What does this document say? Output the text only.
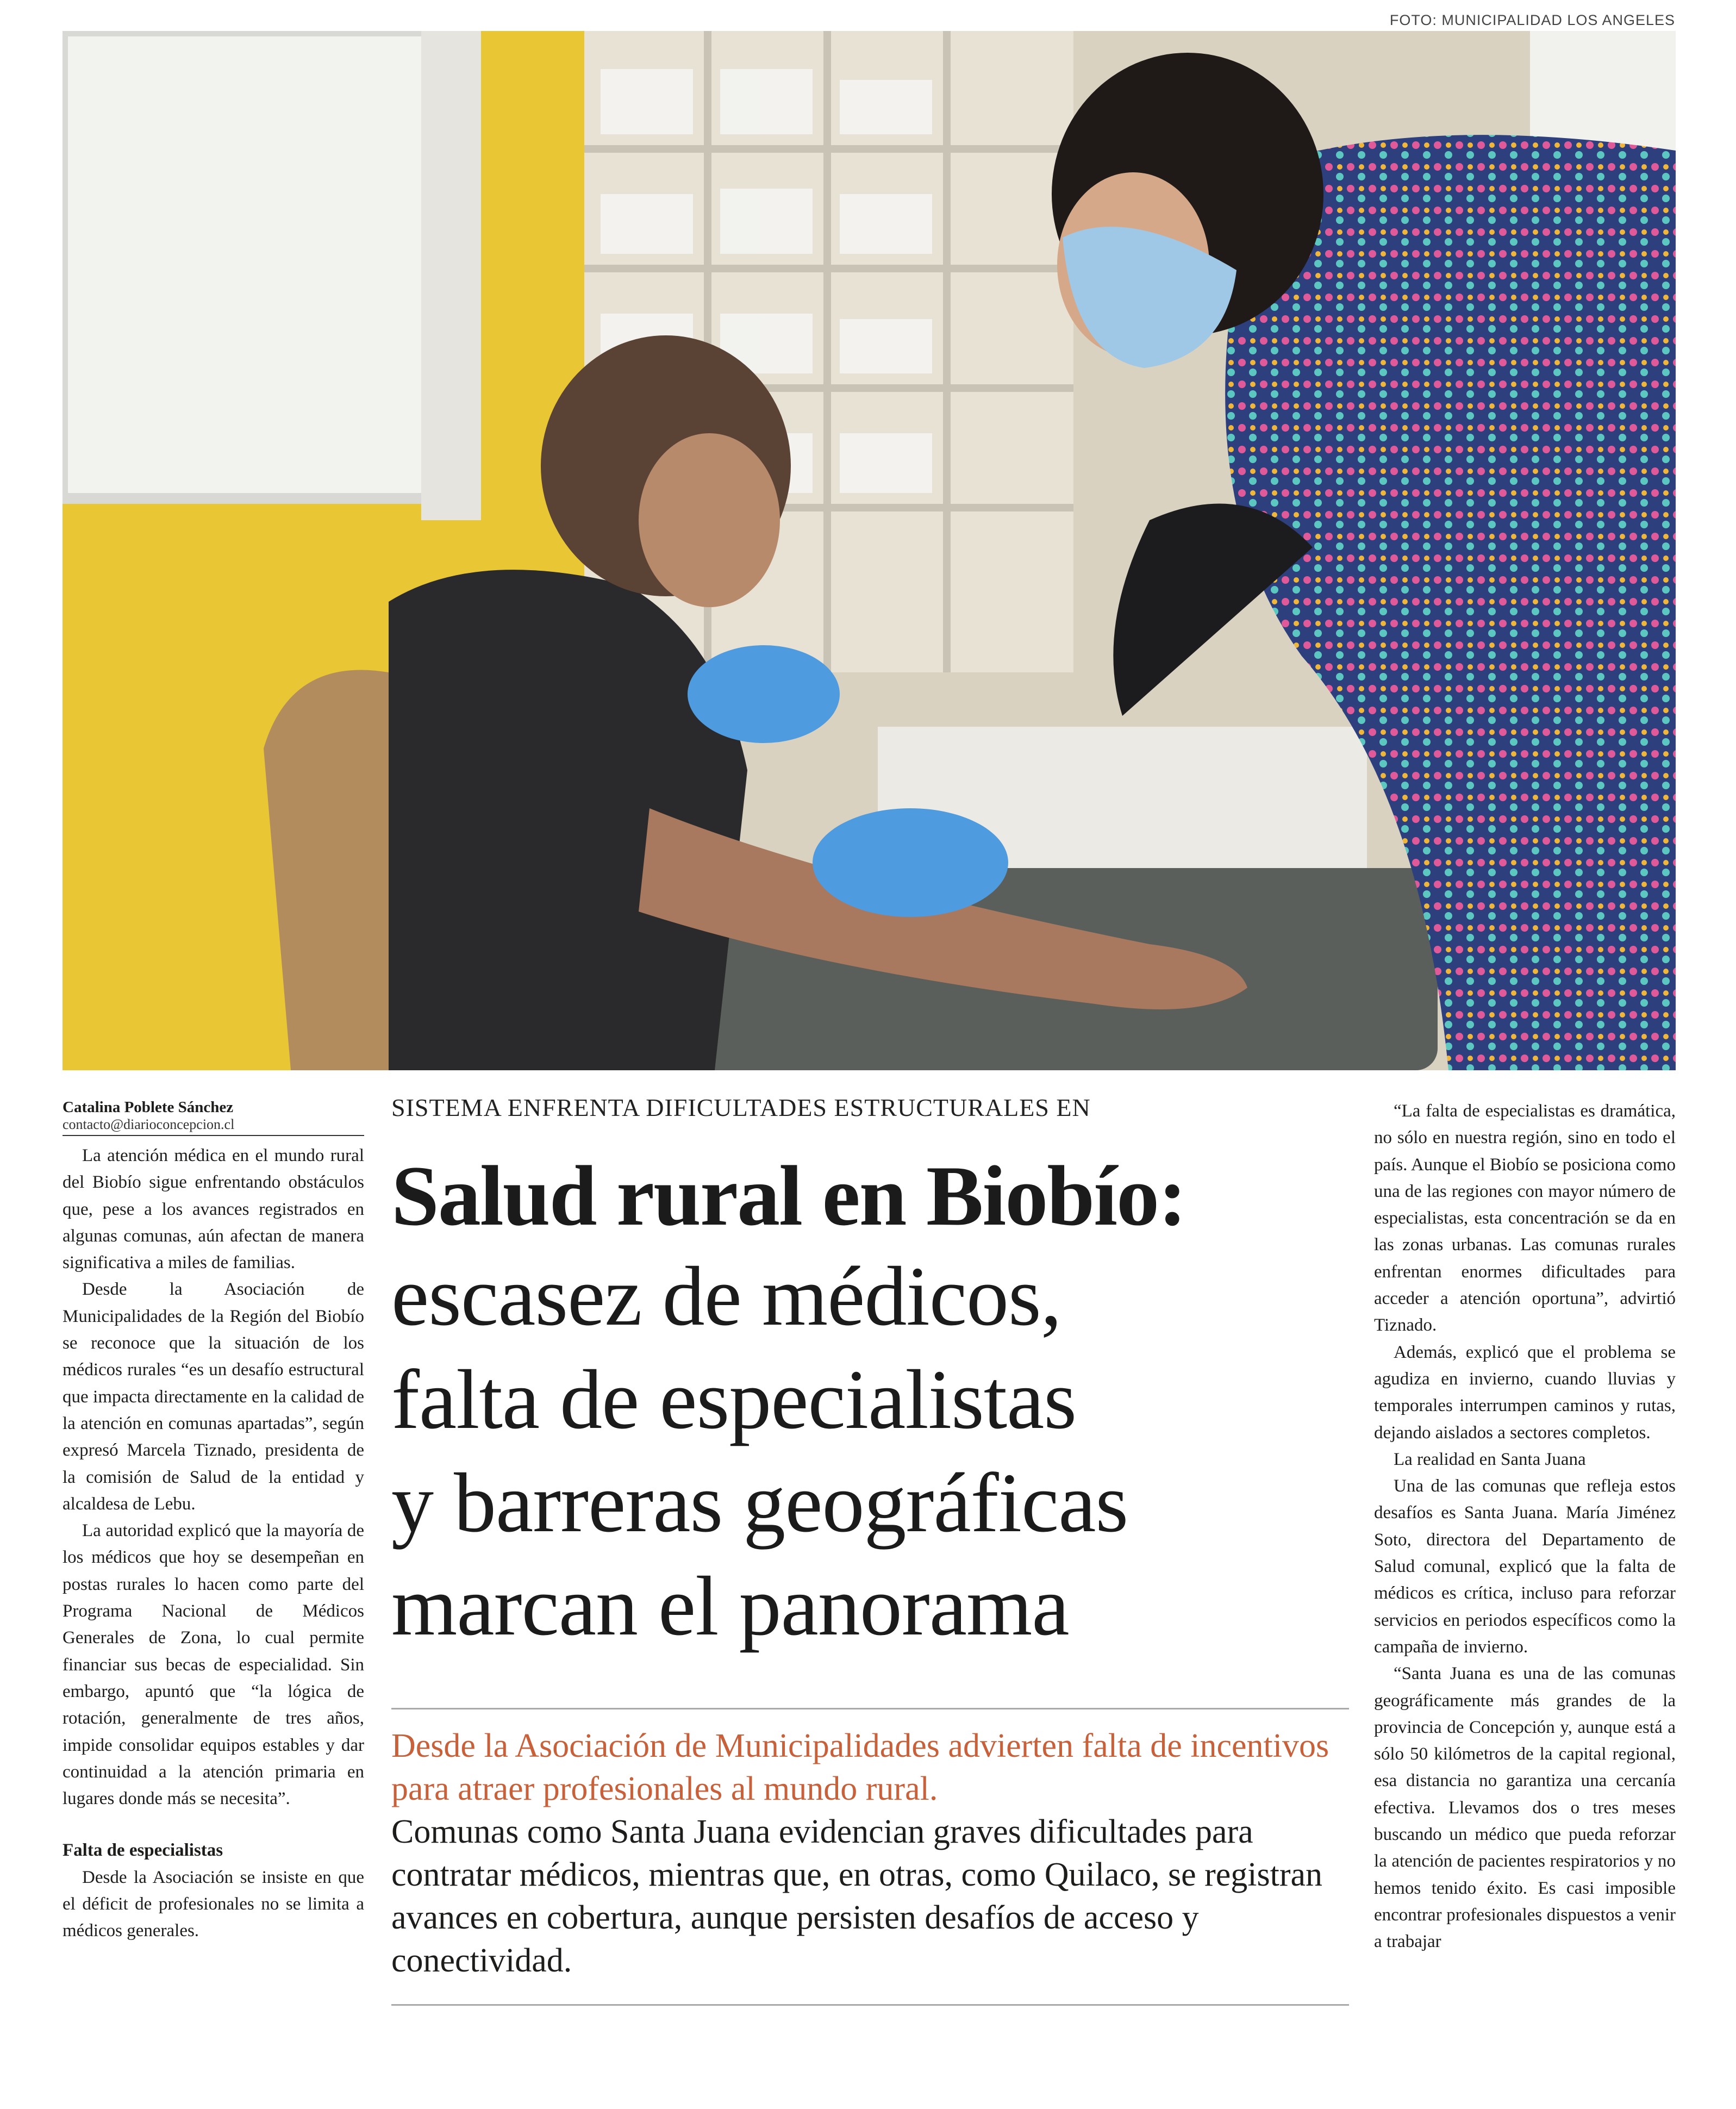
FOTO: MUNICIPALIDAD LOS ANGELES
Catalina Poblete Sánchez
contacto@diarioconcepcion.cl

La atención médica en el mundo rural del Biobío sigue enfrentando obstáculos que, pese a los avances registrados en algunas comunas, aún afectan de manera significativa a miles de familias.

Desde la Asociación de Municipalidades de la Región del Biobío se reconoce que la situación de los médicos rurales “es un desafío estructural que impacta directamente en la calidad de la atención en comunas apartadas”, según expresó Marcela Tiznado, presidenta de la comisión de Salud de la entidad y alcaldesa de Lebu.

La autoridad explicó que la mayoría de los médicos que hoy se desempeñan en postas rurales lo hacen como parte del Programa Nacional de Médicos Generales de Zona, lo cual permite financiar sus becas de especialidad. Sin embargo, apuntó que “la lógica de rotación, generalmente de tres años, impide consolidar equipos estables y dar continuidad a la atención primaria en lugares donde más se necesita”.

Falta de especialistas

Desde la Asociación se insiste en que el déficit de profesionales no se limita a médicos generales.

SISTEMA ENFRENTA DIFICULTADES ESTRUCTURALES EN
Salud rural en Biobío:
escasez de médicos,
falta de especialistas
y barreras geográficas
marcan el panorama
Desde la Asociación de Municipalidades advierten falta de incentivos para atraer profesionales al mundo rural.
Comunas como Santa Juana evidencian graves dificultades para contratar médicos, mientras que, en otras, como Quilaco, se registran avances en cobertura, aunque persisten desafíos de acceso y conectividad.

“La falta de especialistas es dramática, no sólo en nuestra región, sino en todo el país. Aunque el Biobío se posiciona como una de las regiones con mayor número de especialistas, esta concentración se da en las zonas urbanas. Las comunas rurales enfrentan enormes dificultades para acceder a atención oportuna”, advirtió Tiznado.

Además, explicó que el problema se agudiza en invierno, cuando lluvias y temporales interrumpen caminos y rutas, dejando aislados a sectores completos.

La realidad en Santa Juana

Una de las comunas que refleja estos desafíos es Santa Juana. María Jiménez Soto, directora del Departamento de Salud comunal, explicó que la falta de médicos es crítica, incluso para reforzar servicios en periodos específicos como la campaña de invierno.

“Santa Juana es una de las comunas geográficamente más grandes de la provincia de Concepción y, aunque está a sólo 50 kilómetros de la capital regional, esa distancia no garantiza una cercanía efectiva. Llevamos dos o tres meses buscando un médico que pueda reforzar la atención de pacientes respiratorios y no hemos tenido éxito. Es casi imposible encontrar profesionales dispuestos a venir a trabajar
